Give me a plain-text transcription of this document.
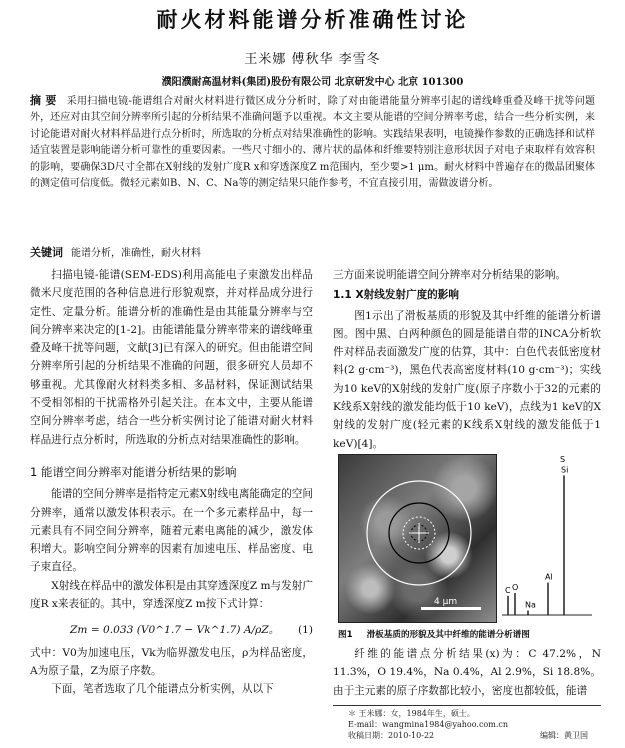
耐火材料能谱分析准确性讨论
王米娜 傅秋华 李雪冬
濮阳濮耐高温材料(集团)股份有限公司 北京研发中心 北京 101300
摘 要 采用扫描电镜-能谱组合对耐火材料进行微区成分分析时，除了对由能谱能量分辨率引起的谱线峰重叠及峰干扰等问题外，还应对由其空间分辨率所引起的分析结果不准确问题予以重视。本文主要从能谱的空间分辨率考虑，结合一些分析实例，来讨论能谱对耐火材料样品进行点分析时，所选取的分析点对结果准确性的影响。实践结果表明，电镜操作参数的正确选择和试样适宜装置是影响能谱分析可靠性的重要因素。一些尺寸细小的、薄片状的晶体和纤维要特别注意形状因子对电子束取样有效容积的影响，要确保3D尺寸全都在X射线的发射广度R x和穿透深度Z m范围内，至少要>1 μm。耐火材料中普遍存在的微晶团聚体的测定值可信度低。微轻元素如B、N、C、Na等的测定结果只能作参考，不宜直接引用，需做波谱分析。
关键词 能谱分析，准确性，耐火材料

扫描电镜-能谱(SEM-EDS)利用高能电子束激发出样品微米尺度范围的各种信息进行形貌观察，并对样品成分进行定性、定量分析。能谱分析的准确性是由其能量分辨率与空间分辨率来决定的[1-2]。由能谱能量分辨率带来的谱线峰重叠及峰干扰等问题，文献[3]已有深入的研究。但由能谱空间分辨率所引起的分析结果不准确的问题，很多研究人员却不够重视。尤其像耐火材料类多相、多晶材料，保证测试结果不受相邻相的干扰需格外引起关注。在本文中，主要从能谱空间分辨率考虑，结合一些分析实例讨论了能谱对耐火材料样品进行点分析时，所选取的分析点对结果准确性的影响。

1 能谱空间分辨率对能谱分析结果的影响

能谱的空间分辨率是指特定元素X射线电离能确定的空间分辨率，通常以激发体积表示。在一个多元素样品中，每一元素具有不同空间分辨率，随着元素电离能的减少，激发体积增大。影响空间分辨率的因素有加速电压、样品密度、电子束直径。

X射线在样品中的激发体积是由其穿透深度Z m与发射广度R x来表征的。其中，穿透深度Z m按下式计算：

Zm = 0.033 (V0^1.7 − Vk^1.7) A/ρZ。 (1)

式中：V0为加速电压，Vk为临界激发电压，ρ为样品密度，A为原子量，Z为原子序数。

下面，笔者选取了几个能谱点分析实例，从以下

三方面来说明能谱空间分辨率对分析结果的影响。

1.1 X射线发射广度的影响

图1示出了滑板基质的形貌及其中纤维的能谱分析谱图。图中黑、白两种颜色的圆是能谱自带的INCA分析软件对样品表面激发广度的估算，其中：白色代表低密度材料(2 g·cm⁻³)，黑色代表高密度材料(10 g·cm⁻³)；实线为10 keV的X射线的发射广度(原子序数小于32的元素的K线系X射线的激发能均低于10 keV)，点线为1 keV的X射线的发射广度(轻元素的K线系X射线的激发能低于1 keV)[4]。

4 μm
C O
Na
Al
Si
S
图1 滑板基质的形貌及其中纤维的能谱分析谱图

纤维的能谱点分析结果(x)为：C 47.2%，N 11.3%，O 19.4%，Na 0.4%，Al 2.9%，Si 18.8%。由于主元素的原子序数都比较小，密度也都较低，能谱

＊ 王米娜：女，1984年生，硕士。
E-mail：wangmina1984@yahoo.com.cn
收稿日期：2010-10-22	编辑：黄卫国
